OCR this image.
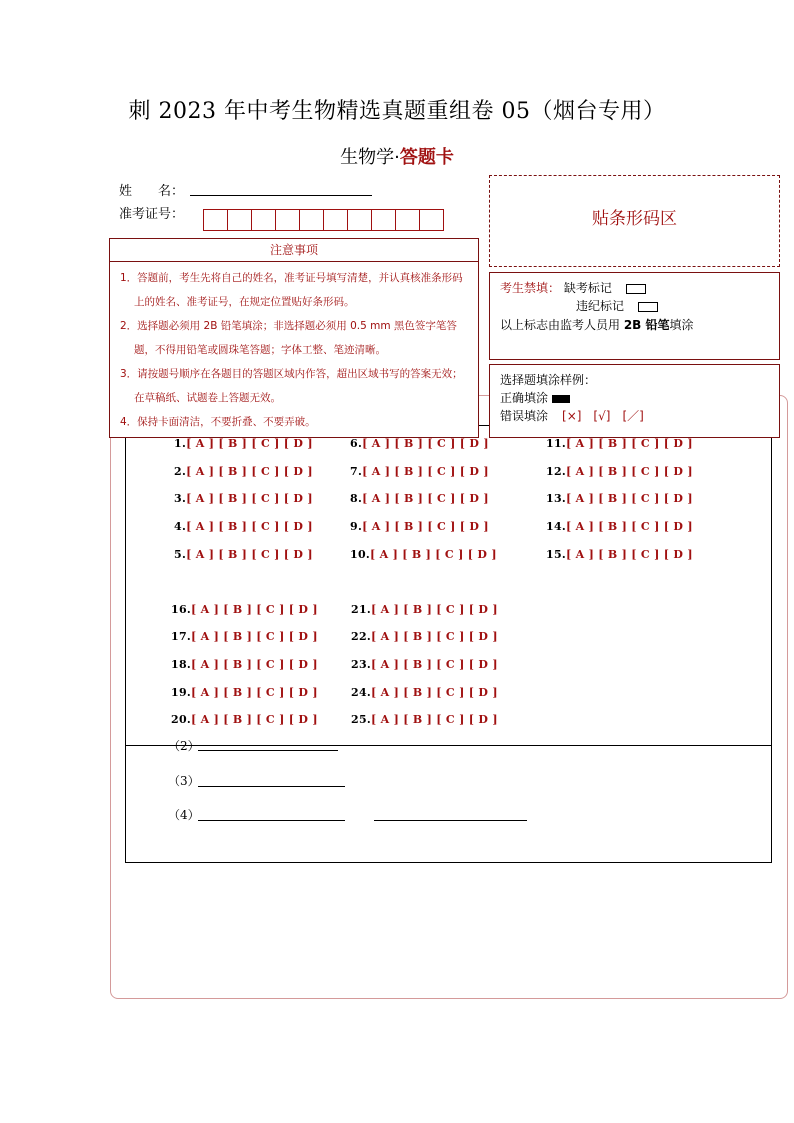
刺 2023 年中考生物精选真题重组卷 05（烟台专用）
生物学·答题卡
姓　　名：
准考证号：	贴条形码区
注意事项
1．答题前，考生先将自己的姓名，准考证号填写清楚，并认真核准条形码上的姓名、准考证号，在规定位置贴好条形码。
2．选择题必须用 2B 铅笔填涂；非选择题必须用 0.5 mm 黑色签字笔答题，不得用铅笔或圆珠笔答题；字体工整、笔迹清晰。
3．请按题号顺序在各题目的答题区域内作答，超出区域书写的答案无效；在草稿纸、试题卷上答题无效。
4．保持卡面清洁，不要折叠、不要弄破。
考生禁填： 缺考标记
违纪标记
以上标志由监考人员用 2B 铅笔填涂
选择题填涂样例：
正确填涂
错误填涂 [×]　[√]　[／]
1.[ A ] [ B ] [ C ] [ D ]
2.[ A ] [ B ] [ C ] [ D ]
3.[ A ] [ B ] [ C ] [ D ]
4.[ A ] [ B ] [ C ] [ D ]
5.[ A ] [ B ] [ C ] [ D ]
6.[ A ] [ B ] [ C ] [ D ]
7.[ A ] [ B ] [ C ] [ D ]
8.[ A ] [ B ] [ C ] [ D ]
9.[ A ] [ B ] [ C ] [ D ]
10.[ A ] [ B ] [ C ] [ D ]
11.[ A ] [ B ] [ C ] [ D ]
12.[ A ] [ B ] [ C ] [ D ]
13.[ A ] [ B ] [ C ] [ D ]
14.[ A ] [ B ] [ C ] [ D ]
15.[ A ] [ B ] [ C ] [ D ]
16.[ A ] [ B ] [ C ] [ D ]
17.[ A ] [ B ] [ C ] [ D ]
18.[ A ] [ B ] [ C ] [ D ]
19.[ A ] [ B ] [ C ] [ D ]
20.[ A ] [ B ] [ C ] [ D ]
21.[ A ] [ B ] [ C ] [ D ]
22.[ A ] [ B ] [ C ] [ D ]
23.[ A ] [ B ] [ C ] [ D ]
24.[ A ] [ B ] [ C ] [ D ]
25.[ A ] [ B ] [ C ] [ D ]
（2）
（3）
（4）
